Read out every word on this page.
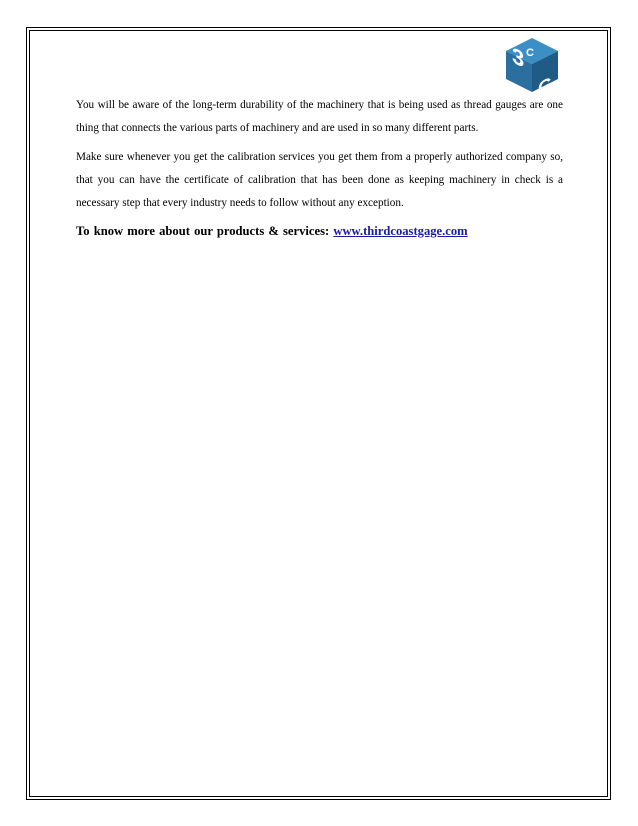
3 C
G

You will be aware of the long-term durability of the machinery that is being used as thread gauges are one thing that connects the various parts of machinery and are used in so many different parts.

Make sure whenever you get the calibration services you get them from a properly authorized company so, that you can have the certificate of calibration that has been done as keeping machinery in check is a necessary step that every industry needs to follow without any exception.

To know more about our products & services: www.thirdcoastgage.com
